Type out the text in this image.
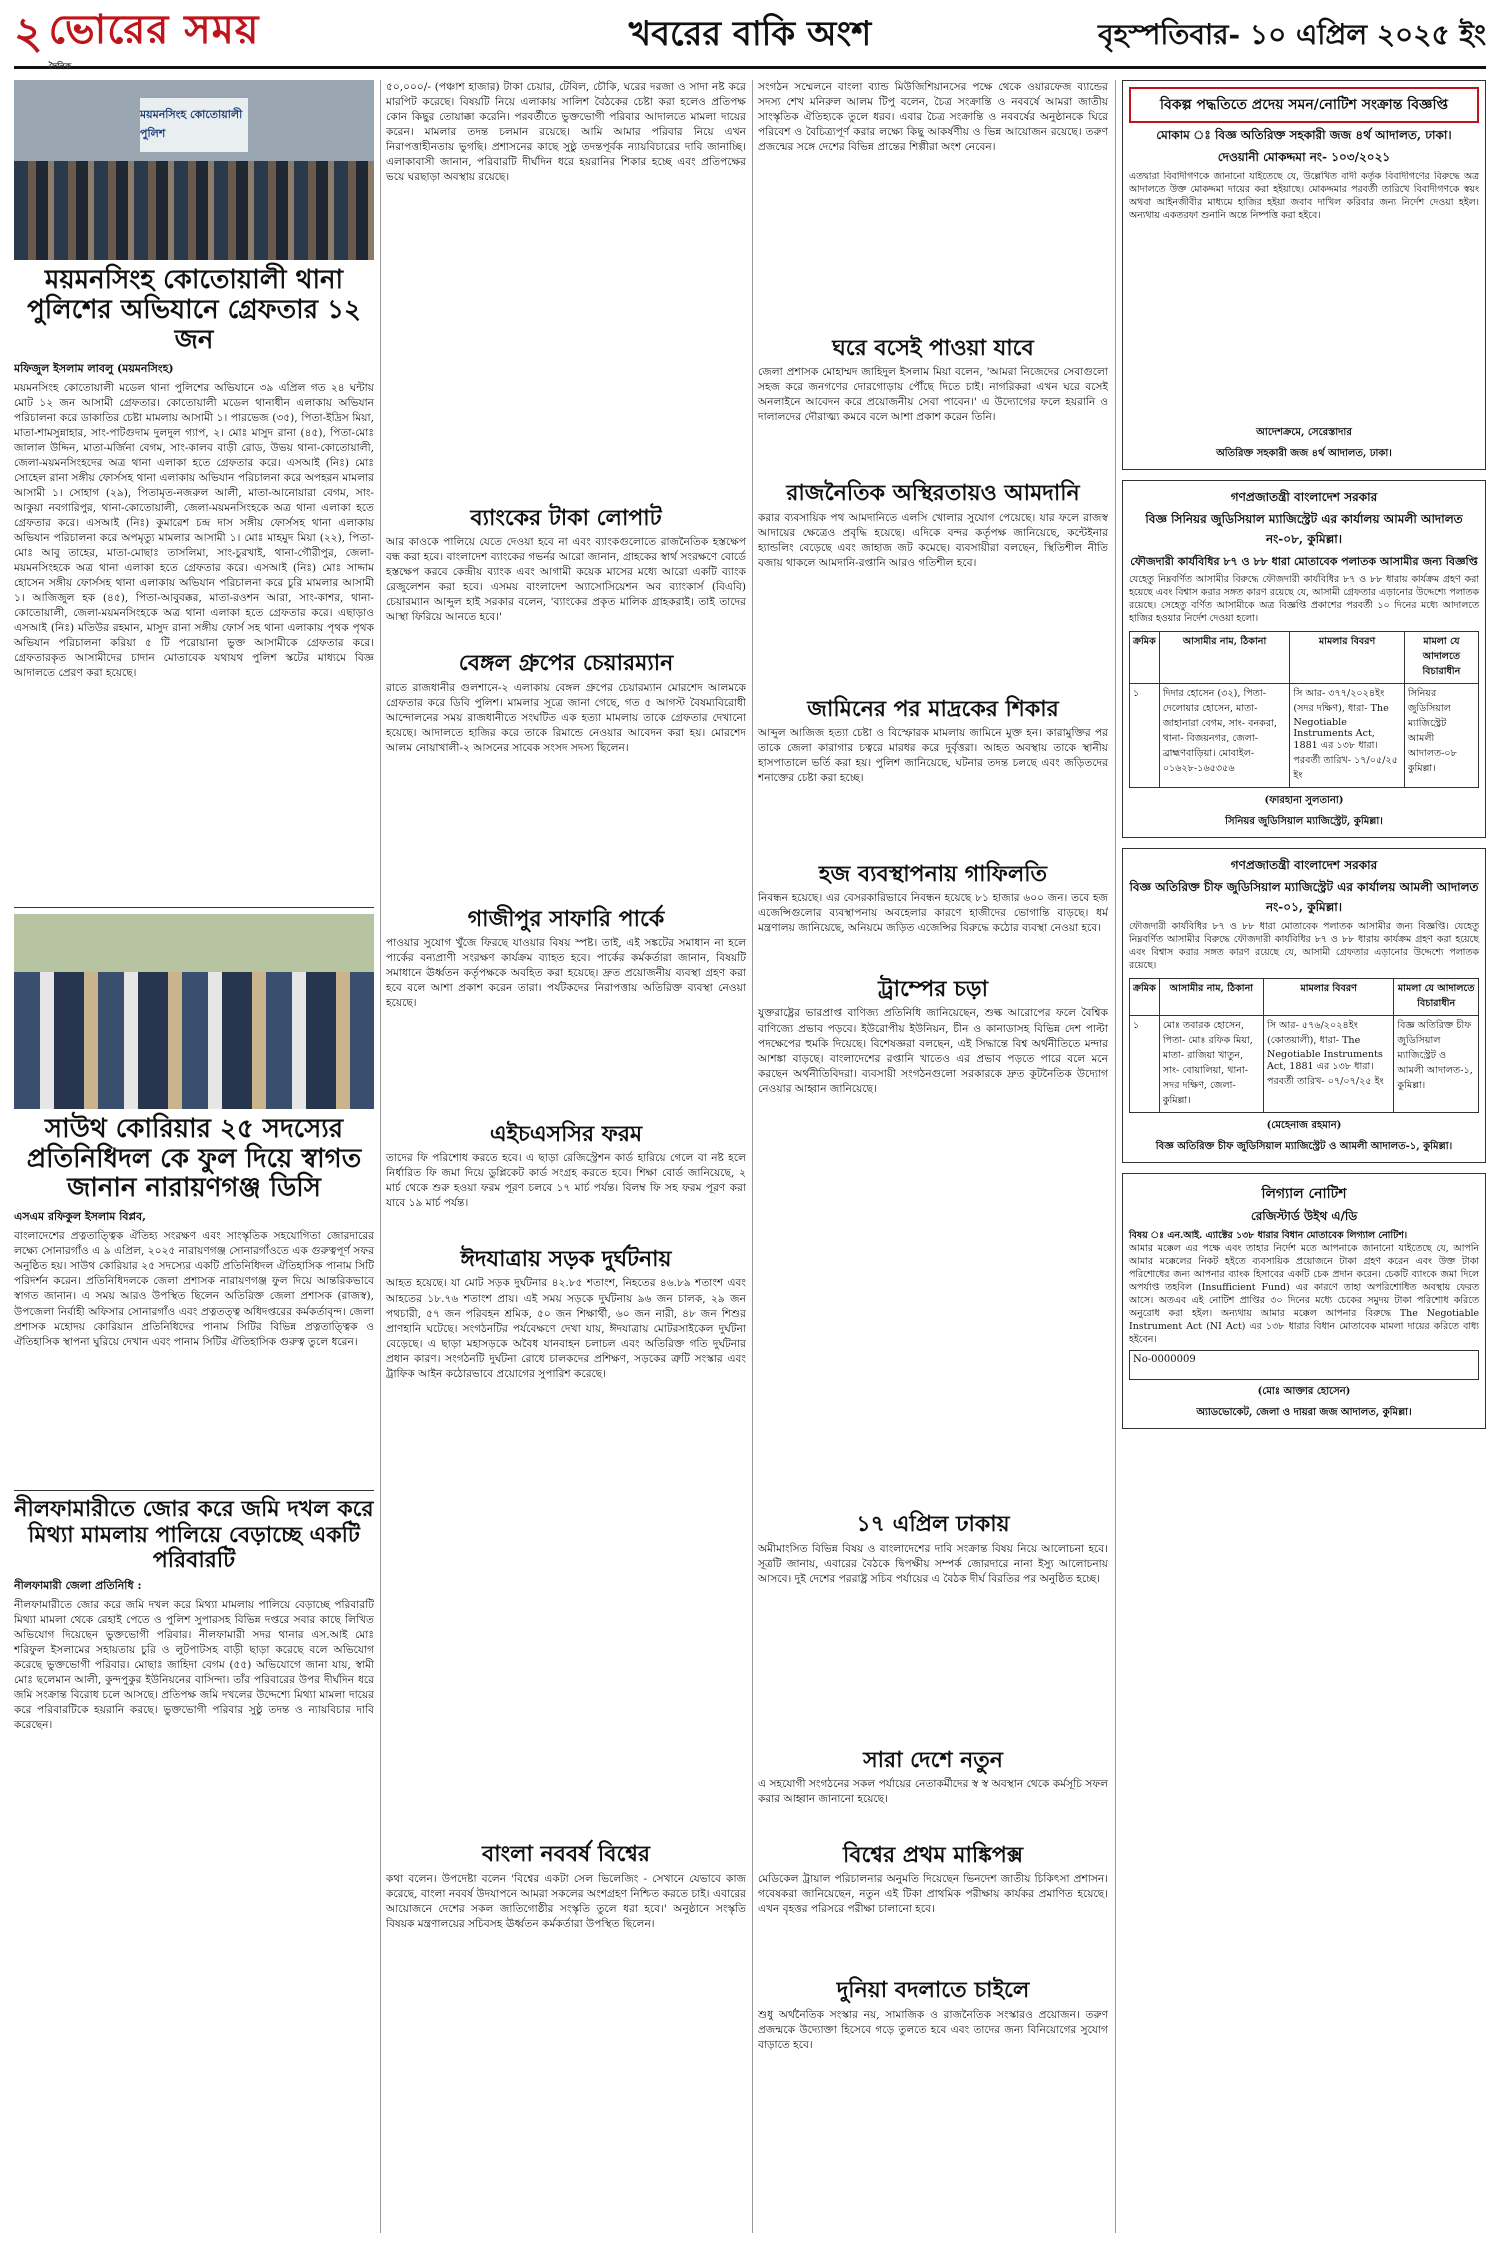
২ ভোরের সময়
দৈনিক
খবরের বাকি অংশ	বৃহস্পতিবার- ১০ এপ্রিল ২০২৫ ইং
ময়মনসিংহ কোতোয়ালী পুলিশ
ময়মনসিংহ কোতোয়ালী থানা পুলিশের অভিযানে গ্রেফতার ১২ জন
মফিজুল ইসলাম লাবলু (ময়মনসিংহ)
ময়মনসিংহ কোতোয়ালী মডেল থানা পুলিশের অভিযানে ৩৯ এপ্রিল গত ২৪ ঘন্টায় মোট ১২ জন আসামী গ্রেফতার। কোতোয়ালী মডেল থানাধীন এলাকায় অভিযান পরিচালনা করে ডাকাতির চেষ্টা মামলায় আসামী ১। পারভেজ (৩৫), পিতা-ইদ্রিস মিয়া, মাতা-শামসুন্নাহার, সাং-পাটগুদাম দুলদুল গ্যাপ, ২। মোঃ মাসুদ রানা (৪৫), পিতা-মোঃ জালাল উদ্দিন, মাতা-মর্জিনা বেগম, সাং-কালব বাড়ী রোড, উভয় থানা-কোতোয়ালী, জেলা-ময়মনসিংহদের অত্র থানা এলাকা হতে গ্রেফতার করে। এসআই (নিঃ) মোঃ সোহেল রানা সঙ্গীয় ফোর্সসহ থানা এলাকায় অভিযান পরিচালনা করে অপহরন মামলার আসামী ১। সোহাগ (২৯), পিতামৃত-নজরুল আলী, মাতা-আনোয়ারা বেগম, সাং-আকুয়া নবগারিপুর, থানা-কোতোয়ালী, জেলা-ময়মনসিংহকে অত্র থানা এলাকা হতে গ্রেফতার করে। এসআই (নিঃ) কুমারেশ চন্দ্র দাস সঙ্গীয় ফোর্সসহ থানা এলাকায় অভিযান পরিচালনা করে অপমৃত্যু মামলার আসামী ১। মোঃ মাহমুদ মিয়া (২২), পিতা-মোঃ আবু তাহের, মাতা-মোছাঃ তাসলিমা, সাং-চুরখাই, থানা-গৌরীপুর, জেলা-ময়মনসিংহকে অত্র থানা এলাকা হতে গ্রেফতার করে। এসআই (নিঃ) মোঃ সাদ্দাম হোসেন সঙ্গীয় ফোর্সসহ থানা এলাকায় অভিযান পরিচালনা করে চুরি মামলার আসামী ১। আজিজুল হক (৪৫), পিতা-আবুবক্কর, মাতা-রওশন আরা, সাং-কাশর, থানা-কোতোয়ালী, জেলা-ময়মনসিংহকে অত্র থানা এলাকা হতে গ্রেফতার করে। এছাড়াও এসআই (নিঃ) মতিউর রহমান, মাসুদ রানা সঙ্গীয় ফোর্স সহ থানা এলাকায় পৃথক পৃথক অভিযান পরিচালনা করিয়া ৫ টি পরোয়ানা ভুক্ত আসামীকে গ্রেফতার করে। গ্রেফতারকৃত আসামীদের চাদান মোতাবেক যথাযথ পুলিশ স্কটের মাধ্যমে বিজ্ঞ আদালতে প্রেরণ করা হয়েছে।
সাউথ কোরিয়ার ২৫ সদস্যের প্রতিনিধিদল কে ফুল দিয়ে স্বাগত জানান নারায়ণগঞ্জ ডিসি
এসএম রফিকুল ইসলাম বিপ্লব,
বাংলাদেশের প্রত্নতাত্ত্বিক ঐতিহ্য সংরক্ষণ এবং সাংস্কৃতিক সহযোগিতা জোরদারের লক্ষ্যে সোনারগাঁও এ ৯ এপ্রিল, ২০২৫ নারায়ণগঞ্জ সোনারগাঁওতে এক গুরুত্বপূর্ণ সফর অনুষ্ঠিত হয়। সাউথ কোরিয়ার ২৫ সদস্যের একটি প্রতিনিধিদল ঐতিহাসিক পানাম সিটি পরিদর্শন করেন। প্রতিনিধিদলকে জেলা প্রশাসক নারায়ণগঞ্জ ফুল দিয়ে আন্তরিকভাবে স্বাগত জানান। এ সময় আরও উপস্থিত ছিলেন অতিরিক্ত জেলা প্রশাসক (রাজস্ব), উপজেলা নির্বাহী অফিসার সোনারগাঁও এবং প্রত্নতত্ত্ব অধিদপ্তরের কর্মকর্তাবৃন্দ। জেলা প্রশাসক মহোদয় কোরিয়ান প্রতিনিধিদের পানাম সিটির বিভিন্ন প্রত্নতাত্ত্বিক ও ঐতিহাসিক স্থাপনা ঘুরিয়ে দেখান এবং পানাম সিটির ঐতিহাসিক গুরুত্ব তুলে ধরেন।
নীলফামারীতে জোর করে জমি দখল করে মিথ্যা মামলায় পালিয়ে বেড়াচ্ছে একটি পরিবারটি
নীলফামারী জেলা প্রতিনিধি :
নীলফামারীতে জোর করে জমি দখল করে মিথ্যা মামলায় পালিয়ে বেড়াচ্ছে পরিবারটি মিথ্যা মামলা থেকে রেহাই পেতে ও পুলিশ সুপারসহ বিভিন্ন দপ্তরে সবার কাছে লিখিত অভিযোগ দিয়েছেন ভুক্তভোগী পরিবার। নীলফামারী সদর থানার এস.আই মোঃ শরিফুল ইসলামের সহায়তায় চুরি ও লুটপাটসহ বাড়ী ছাড়া করেছে বলে অভিযোগ করেছে ভুক্তভোগী পরিবার। মোছাঃ জাহিদা বেগম (৫৫) অভিযোগে জানা যায়, স্বামী মোঃ ছলেমান আলী, কুন্দপুকুর ইউনিয়নের বাসিন্দা। তাঁর পরিবারের উপর দীর্ঘদিন ধরে জমি সংক্রান্ত বিরোধ চলে আসছে। প্রতিপক্ষ জমি দখলের উদ্দেশ্যে মিথ্যা মামলা দায়ের করে পরিবারটিকে হয়রানি করছে। ভুক্তভোগী পরিবার সুষ্ঠু তদন্ত ও ন্যায়বিচার দাবি করেছেন।
৫০,০০০/- (পঞ্চাশ হাজার) টাকা চেয়ার, টেবিল, চৌকি, ঘরের দরজা ও সাদা নষ্ট করে মারপিট করেছে। বিষয়টি নিয়ে এলাকায় সালিশ বৈঠকের চেষ্টা করা হলেও প্রতিপক্ষ কোন কিছুর তোয়াক্কা করেনি। পরবর্তীতে ভুক্তভোগী পরিবার আদালতে মামলা দায়ের করেন। মামলার তদন্ত চলমান রয়েছে। আমি আমার পরিবার নিয়ে এখন নিরাপত্তাহীনতায় ভুগছি। প্রশাসনের কাছে সুষ্ঠু তদন্তপূর্বক ন্যায়বিচারের দাবি জানাচ্ছি। এলাকাবাসী জানান, পরিবারটি দীর্ঘদিন ধরে হয়রানির শিকার হচ্ছে এবং প্রতিপক্ষের ভয়ে ঘরছাড়া অবস্থায় রয়েছে।
ব্যাংকের টাকা লোপাট
আর কাওকে পালিয়ে যেতে দেওয়া হবে না এবং ব্যাংকগুলোতে রাজনৈতিক হস্তক্ষেপ বন্ধ করা হবে। বাংলাদেশ ব্যাংকের গভর্নর আরো জানান, গ্রাহকের স্বার্থ সংরক্ষণে বোর্ডে হস্তক্ষেপ করবে কেন্দ্রীয় ব্যাংক এবং আগামী কয়েক মাসের মধ্যে আরো একটি ব্যাংক রেজুলেশন করা হবে। এসময় বাংলাদেশ অ্যাসোসিয়েশন অব ব্যাংকার্স (বিএবি) চেয়ারম্যান আব্দুল হাই সরকার বলেন, 'ব্যাংকের প্রকৃত মালিক গ্রাহকরাই। তাই তাদের আস্থা ফিরিয়ে আনতে হবে।'
বেঙ্গল গ্রুপের চেয়ারম্যান
রাতে রাজধানীর গুলশানে-২ এলাকায় বেঙ্গল গ্রুপের চেয়ারম্যান মোরশেদ আলমকে গ্রেফতার করে ডিবি পুলিশ। মামলার সূত্রে জানা গেছে, গত ৫ আগস্ট বৈষম্যবিরোধী আন্দোলনের সময় রাজধানীতে সংঘটিত এক হত্যা মামলায় তাকে গ্রেফতার দেখানো হয়েছে। আদালতে হাজির করে তাকে রিমান্ডে নেওয়ার আবেদন করা হয়। মোরশেদ আলম নোয়াখালী-২ আসনের সাবেক সংসদ সদস্য ছিলেন।
গাজীপুর সাফারি পার্কে
পাওয়ার সুযোগ খুঁজে ফিরছে যাওয়ার বিষয় স্পষ্ট। তাই, এই সঙ্কটের সমাধান না হলে পার্কের বন্যপ্রাণী সংরক্ষণ কার্যক্রম ব্যাহত হবে। পার্কের কর্মকর্তারা জানান, বিষয়টি সমাধানে ঊর্ধ্বতন কর্তৃপক্ষকে অবহিত করা হয়েছে। দ্রুত প্রয়োজনীয় ব্যবস্থা গ্রহণ করা হবে বলে আশা প্রকাশ করেন তারা। পর্যটকদের নিরাপত্তায় অতিরিক্ত ব্যবস্থা নেওয়া হয়েছে।
এইচএসসির ফরম
তাদের ফি পরিশোধ করতে হবে। এ ছাড়া রেজিস্ট্রেশন কার্ড হারিয়ে গেলে বা নষ্ট হলে নির্ধারিত ফি জমা দিয়ে ডুপ্লিকেট কার্ড সংগ্রহ করতে হবে। শিক্ষা বোর্ড জানিয়েছে, ২ মার্চ থেকে শুরু হওয়া ফরম পূরণ চলবে ১৭ মার্চ পর্যন্ত। বিলম্ব ফি সহ ফরম পূরণ করা যাবে ১৯ মার্চ পর্যন্ত।
ঈদযাত্রায় সড়ক দুর্ঘটনায়
আহত হয়েছে। যা মোট সড়ক দুর্ঘটনার ৪২.৮৫ শতাংশ, নিহতের ৪৬.৮৯ শতাংশ এবং আহতের ১৮.৭৬ শতাংশ প্রায়। এই সময় সড়কে দুর্ঘটনায় ৯৬ জন চালক, ২৯ জন পথচারী, ৫৭ জন পরিবহন শ্রমিক, ৫০ জন শিক্ষার্থী, ৬০ জন নারী, ৪৮ জন শিশুর প্রাণহানি ঘটেছে। সংগঠনটির পর্যবেক্ষণে দেখা যায়, ঈদযাত্রায় মোটরসাইকেল দুর্ঘটনা বেড়েছে। এ ছাড়া মহাসড়কে অবৈধ যানবাহন চলাচল এবং অতিরিক্ত গতি দুর্ঘটনার প্রধান কারণ। সংগঠনটি দুর্ঘটনা রোধে চালকদের প্রশিক্ষণ, সড়কের ত্রুটি সংস্কার এবং ট্রাফিক আইন কঠোরভাবে প্রয়োগের সুপারিশ করেছে।
বাংলা নববর্ষ বিশ্বের
কথা বলেন। উপদেষ্টা বলেন 'বিশ্বের একটা সেল ভিলেজিং - সেখানে যেভাবে কাজ করেছে, বাংলা নববর্ষ উদযাপনে আমরা সকলের অংশগ্রহণ নিশ্চিত করতে চাই। এবারের আয়োজনে দেশের সকল জাতিগোষ্ঠীর সংস্কৃতি তুলে ধরা হবে।' অনুষ্ঠানে সংস্কৃতি বিষয়ক মন্ত্রণালয়ের সচিবসহ ঊর্ধ্বতন কর্মকর্তারা উপস্থিত ছিলেন।
সংগঠন সম্মেলনে বাংলা ব্যান্ড মিউজিশিয়ানসের পক্ষে থেকে ওয়ারফেজ ব্যান্ডের সদস্য শেখ মনিরুল আলম টিপু বলেন, চৈত্র সংক্রান্তি ও নববর্ষে আমরা জাতীয় সাংস্কৃতিক ঐতিহ্যকে তুলে ধরব। এবার চৈত্র সংক্রান্তি ও নববর্ষের অনুষ্ঠানকে ঘিরে পরিবেশ ও বৈচিত্র্যপূর্ণ করার লক্ষ্যে কিছু আকর্ষণীয় ও ভিন্ন আয়োজন রয়েছে। তরুণ প্রজন্মের সঙ্গে দেশের বিভিন্ন প্রান্তের শিল্পীরা অংশ নেবেন।
ঘরে বসেই পাওয়া যাবে
জেলা প্রশাসক মোহাম্মদ জাহিদুল ইসলাম মিয়া বলেন, 'আমরা নিজেদের সেবাগুলো সহজ করে জনগণের দোরগোড়ায় পৌঁছে দিতে চাই। নাগরিকরা এখন ঘরে বসেই অনলাইনে আবেদন করে প্রয়োজনীয় সেবা পাবেন।' এ উদ্যোগের ফলে হয়রানি ও দালালদের দৌরাত্ম্য কমবে বলে আশা প্রকাশ করেন তিনি।
রাজনৈতিক অস্থিরতায়ও আমদানি
করার ব্যবসায়িক পথ আমদানিতে এলসি খোলার সুযোগ পেয়েছে। যার ফলে রাজস্ব আদায়ের ক্ষেত্রেও প্রবৃদ্ধি হয়েছে। এদিকে বন্দর কর্তৃপক্ষ জানিয়েছে, কন্টেইনার হ্যান্ডলিং বেড়েছে এবং জাহাজ জট কমেছে। ব্যবসায়ীরা বলছেন, স্থিতিশীল নীতি বজায় থাকলে আমদানি-রপ্তানি আরও গতিশীল হবে।
জামিনের পর মাদ্রকের শিকার
আব্দুল আজিজ হত্যা চেষ্টা ও বিস্ফোরক মামলায় জামিনে মুক্ত হন। কারামুক্তির পর তাকে জেলা কারাগার চত্বরে মারধর করে দুর্বৃত্তরা। আহত অবস্থায় তাকে স্থানীয় হাসপাতালে ভর্তি করা হয়। পুলিশ জানিয়েছে, ঘটনার তদন্ত চলছে এবং জড়িতদের শনাক্তের চেষ্টা করা হচ্ছে।
হজ ব্যবস্থাপনায় গাফিলতি
নিবন্ধন হয়েছে। এর বেসরকারিভাবে নিবন্ধন হয়েছে ৮১ হাজার ৬০০ জন। তবে হজ এজেন্সিগুলোর ব্যবস্থাপনায় অবহেলার কারণে হাজীদের ভোগান্তি বাড়ছে। ধর্ম মন্ত্রণালয় জানিয়েছে, অনিয়মে জড়িত এজেন্সির বিরুদ্ধে কঠোর ব্যবস্থা নেওয়া হবে।
ট্রাম্পের চড়া
যুক্তরাষ্ট্রের ভারপ্রাপ্ত বাণিজ্য প্রতিনিধি জানিয়েছেন, শুল্ক আরোপের ফলে বৈশ্বিক বাণিজ্যে প্রভাব পড়বে। ইউরোপীয় ইউনিয়ন, চীন ও কানাডাসহ বিভিন্ন দেশ পাল্টা পদক্ষেপের হুমকি দিয়েছে। বিশেষজ্ঞরা বলছেন, এই সিদ্ধান্তে বিশ্ব অর্থনীতিতে মন্দার আশঙ্কা বাড়ছে। বাংলাদেশের রপ্তানি খাতেও এর প্রভাব পড়তে পারে বলে মনে করছেন অর্থনীতিবিদরা। ব্যবসায়ী সংগঠনগুলো সরকারকে দ্রুত কূটনৈতিক উদ্যোগ নেওয়ার আহ্বান জানিয়েছে।
১৭ এপ্রিল ঢাকায়
অমীমাংসিত বিভিন্ন বিষয় ও বাংলাদেশের দাবি সংক্রান্ত বিষয় নিয়ে আলোচনা হবে। সূত্রটি জানায়, এবারের বৈঠকে দ্বিপক্ষীয় সম্পর্ক জোরদারে নানা ইস্যু আলোচনায় আসবে। দুই দেশের পররাষ্ট্র সচিব পর্যায়ের এ বৈঠক দীর্ঘ বিরতির পর অনুষ্ঠিত হচ্ছে।
সারা দেশে নতুন
এ সহযোগী সংগঠনের সকল পর্যায়ের নেতাকর্মীদের স্ব স্ব অবস্থান থেকে কর্মসূচি সফল করার আহ্বান জানানো হয়েছে।
বিশ্বের প্রথম মাঙ্কিপক্স
মেডিকেল ট্রায়াল পরিচালনার অনুমতি দিয়েছেন ভিনদেশ জাতীয় চিকিৎসা প্রশাসন। গবেষকরা জানিয়েছেন, নতুন এই টিকা প্রাথমিক পরীক্ষায় কার্যকর প্রমাণিত হয়েছে। এখন বৃহত্তর পরিসরে পরীক্ষা চালানো হবে।
দুনিয়া বদলাতে চাইলে
শুধু অর্থনৈতিক সংস্কার নয়, সামাজিক ও রাজনৈতিক সংস্কারও প্রয়োজন। তরুণ প্রজন্মকে উদ্যোক্তা হিসেবে গড়ে তুলতে হবে এবং তাদের জন্য বিনিয়োগের সুযোগ বাড়াতে হবে।
বিকল্প পদ্ধতিতে প্রদেয় সমন/নোটিশ সংক্রান্ত বিজ্ঞপ্তি
মোকাম ঃ বিজ্ঞ অতিরিক্ত সহকারী জজ ৪র্থ আদালত, ঢাকা।
দেওয়ানী মোকদ্দমা নং- ১০৩/২০২১
এতদ্বারা বিবাদীগণকে জানানো যাইতেছে যে, উল্লেখিত বাদী কর্তৃক বিবাদীগণের বিরুদ্ধে অত্র আদালতে উক্ত মোকদ্দমা দায়ের করা হইয়াছে। মোকদ্দমার পরবর্তী তারিখে বিবাদীগণকে স্বয়ং অথবা আইনজীবীর মাধ্যমে হাজির হইয়া জবাব দাখিল করিবার জন্য নির্দেশ দেওয়া হইল। অন্যথায় একতরফা শুনানি অন্তে নিষ্পত্তি করা হইবে।
আদেশক্রমে, সেরেস্তাদার
অতিরিক্ত সহকারী জজ ৪র্থ আদালত, ঢাকা।
গণপ্রজাতন্ত্রী বাংলাদেশ সরকার
বিজ্ঞ সিনিয়র জুডিসিয়াল ম্যাজিস্ট্রেট এর কার্যালয় আমলী আদালত নং-০৮, কুমিল্লা।
ফৌজদারী কার্যবিধির ৮৭ ও ৮৮ ধারা মোতাবেক পলাতক আসামীর জন্য বিজ্ঞপ্তি
যেহেতু নিম্নবর্ণিত আসামীর বিরুদ্ধে ফৌজদারী কার্যবিধির ৮৭ ও ৮৮ ধারায় কার্যক্রম গ্রহণ করা হয়েছে এবং বিশ্বাস করার সঙ্গত কারণ রয়েছে যে, আসামী গ্রেফতার এড়ানোর উদ্দেশ্যে পলাতক রয়েছে। সেহেতু বর্ণিত আসামীকে অত্র বিজ্ঞপ্তি প্রকাশের পরবর্তী ১০ দিনের মধ্যে আদালতে হাজির হওয়ার নির্দেশ দেওয়া হলো।
ক্রমিক	আসামীর নাম, ঠিকানা	মামলার বিবরণ	মামলা যে আদালতে বিচারাধীন
১	দিদার হোসেন (৩২), পিতা- দেলোয়ার হোসেন, মাতা- জাহানারা বেগম, সাং- বনকরা, থানা- বিজয়নগর, জেলা- ব্রাহ্মণবাড়িয়া। মোবাইল- ০১৬২৮-১৬৫৩৫৬	সি আর- ৩৭৭/২০২৪ইং (সদর দক্ষিণ), ধারা- The Negotiable Instruments Act, 1881 এর ১৩৮ ধারা। পরবর্তী তারিখ- ১৭/০৫/২৫ ইং	সিনিয়র জুডিসিয়াল ম্যাজিস্ট্রেট আমলী আদালত-০৮ কুমিল্লা।
(ফারহানা সুলতানা)
সিনিয়র জুডিসিয়াল ম্যাজিস্ট্রেট, কুমিল্লা।
গণপ্রজাতন্ত্রী বাংলাদেশ সরকার
বিজ্ঞ অতিরিক্ত চীফ জুডিসিয়াল ম্যাজিস্ট্রেট এর কার্যালয় আমলী আদালত নং-০১, কুমিল্লা।
ফৌজদারী কার্যবিধির ৮৭ ও ৮৮ ধারা মোতাবেক পলাতক আসামীর জন্য বিজ্ঞপ্তি। যেহেতু নিম্নবর্ণিত আসামীর বিরুদ্ধে ফৌজদারী কার্যবিধির ৮৭ ও ৮৮ ধারায় কার্যক্রম গ্রহণ করা হয়েছে এবং বিশ্বাস করার সঙ্গত কারণ রয়েছে যে, আসামী গ্রেফতার এড়ানোর উদ্দেশ্যে পলাতক রয়েছে।
ক্রমিক	আসামীর নাম, ঠিকানা	মামলার বিবরণ	মামলা যে আদালতে বিচারাধীন
১	মোঃ তবারক হোসেন, পিতা- মোঃ রফিক মিয়া, মাতা- রাজিয়া খাতুন, সাং- বোয়ালিয়া, থানা- সদর দক্ষিণ, জেলা- কুমিল্লা।	সি আর- ৫৭৬/২০২৪ইং (কোতয়ালী), ধারা- The Negotiable Instruments Act, 1881 এর ১৩৮ ধারা। পরবর্তী তারিখ- ০৭/০৭/২৫ ইং	বিজ্ঞ অতিরিক্ত চীফ জুডিসিয়াল ম্যাজিস্ট্রেট ও আমলী আদালত-১, কুমিল্লা।
(মেহেনাজ রহমান)
বিজ্ঞ অতিরিক্ত চীফ জুডিসিয়াল ম্যাজিস্ট্রেট ও আমলী আদালত-১, কুমিল্লা।
লিগ্যাল নোটিশ
রেজিস্টার্ড উইথ এ/ডি
বিষয় ঃ এন.আই. এ্যাক্টের ১৩৮ ধারার বিধান মোতাবেক লিগ্যাল নোটিশ।
আমার মক্কেল এর পক্ষে এবং তাহার নির্দেশ মতে আপনাকে জানানো যাইতেছে যে, আপনি আমার মক্কেলের নিকট হইতে ব্যবসায়িক প্রয়োজনে টাকা গ্রহণ করেন এবং উক্ত টাকা পরিশোধের জন্য আপনার ব্যাংক হিসাবের একটি চেক প্রদান করেন। চেকটি ব্যাংকে জমা দিলে অপর্যাপ্ত তহবিল (Insufficient Fund) এর কারণে তাহা অপরিশোধিত অবস্থায় ফেরত আসে। অতএব এই নোটিশ প্রাপ্তির ৩০ দিনের মধ্যে চেকের সমুদয় টাকা পরিশোধ করিতে অনুরোধ করা হইল। অন্যথায় আমার মক্কেল আপনার বিরুদ্ধে The Negotiable Instrument Act (NI Act) এর ১৩৮ ধারার বিধান মোতাবেক মামলা দায়ের করিতে বাধ্য হইবেন।
No-0000009
(মোঃ আক্তার হোসেন)
অ্যাডভোকেট, জেলা ও দায়রা জজ আদালত, কুমিল্লা।
